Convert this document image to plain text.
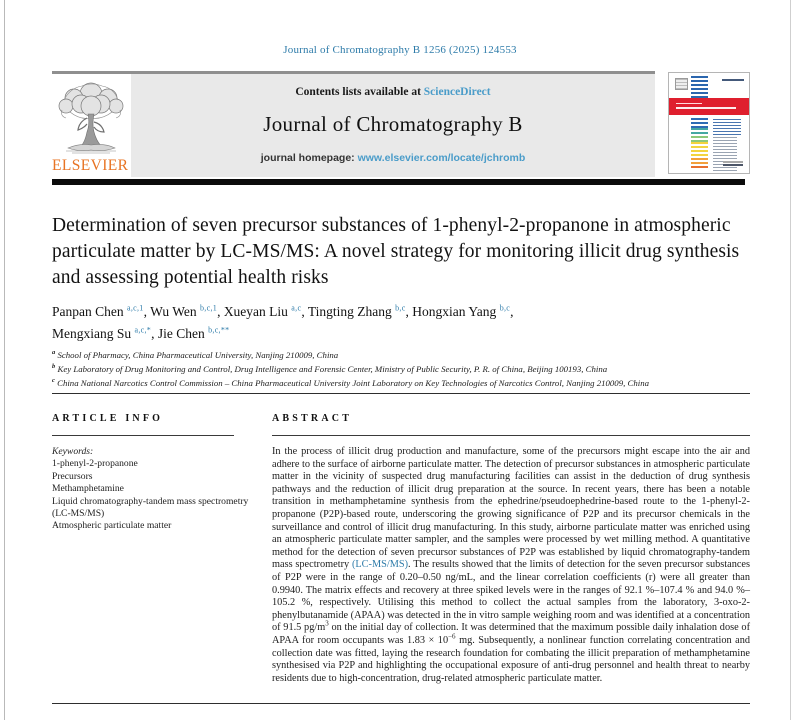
Journal of Chromatography B 1256 (2025) 124553
Contents lists available at ScienceDirect
Journal of Chromatography B
journal homepage: www.elsevier.com/locate/jchromb
ELSEVIER
Determination of seven precursor substances of 1-phenyl-2-propanone in atmospheric particulate matter by LC-MS/MS: A novel strategy for monitoring illicit drug synthesis and assessing potential health risks
Panpan Chen $^{a,c,1}$, Wu Wen $^{b,c,1}$, Xueyan Liu $^{a,c}$, Tingting Zhang $^{b,c}$, Hongxian Yang $^{b,c}$,
Mengxiang Su $^{a,c,*}$, Jie Chen $^{b,c,**}$

$^a$ School of Pharmacy, China Pharmaceutical University, Nanjing 210009, China

$^b$ Key Laboratory of Drug Monitoring and Control, Drug Intelligence and Forensic Center, Ministry of Public Security, P. R. of China, Beijing 100193, China

$^c$ China National Narcotics Control Commission – China Pharmaceutical University Joint Laboratory on Key Technologies of Narcotics Control, Nanjing 210009, China

ARTICLE INFO	ABSTRACT
Keywords:

1-phenyl-2-propanone

Precursors

Methamphetamine

Liquid chromatography-tandem mass spectrometry (LC-MS/MS)

Atmospheric particulate matter

In the process of illicit drug production and manufacture, some of the precursors might escape into the air and adhere to the surface of airborne particulate matter. The detection of precursor substances in atmospheric particulate matter in the vicinity of suspected drug manufacturing facilities can assist in the deduction of drug synthesis pathways and the reduction of illicit drug preparation at the source. In recent years, there has been a notable transition in methamphetamine synthesis from the ephedrine/pseudoephedrine-based route to the 1-phenyl-2-propanone (P2P)-based route, underscoring the growing significance of P2P and its precursor chemicals in the surveillance and control of illicit drug manufacturing. In this study, airborne particulate matter was enriched using an atmospheric particulate matter sampler, and the samples were processed by wet milling method. A quantitative method for the detection of seven precursor substances of P2P was established by liquid chromatography-tandem mass spectrometry (LC-MS/MS). The results showed that the limits of detection for the seven precursor substances of P2P were in the range of 0.20–0.50 ng/mL, and the linear correlation coefficients (r) were all greater than 0.9940. The matrix effects and recovery at three spiked levels were in the ranges of 92.1 %–107.4 % and 94.0 %–105.2 %, respectively. Utilising this method to collect the actual samples from the laboratory, 3-oxo-2-phenylbutanamide (APAA) was detected in the in vitro sample weighing room and was identified at a concentration of 91.5 $pg/m^3$ on the initial day of collection. It was determined that the maximum possible daily inhalation dose of APAA for room occupants was $1.83 \times 10^{-6}$ mg. Subsequently, a nonlinear function correlating concentration and collection date was fitted, laying the research foundation for combating the illicit preparation of methamphetamine synthesised via P2P and highlighting the occupational exposure of anti-drug personnel and health threat to nearby residents due to high-concentration, drug-related atmospheric particulate matter.
